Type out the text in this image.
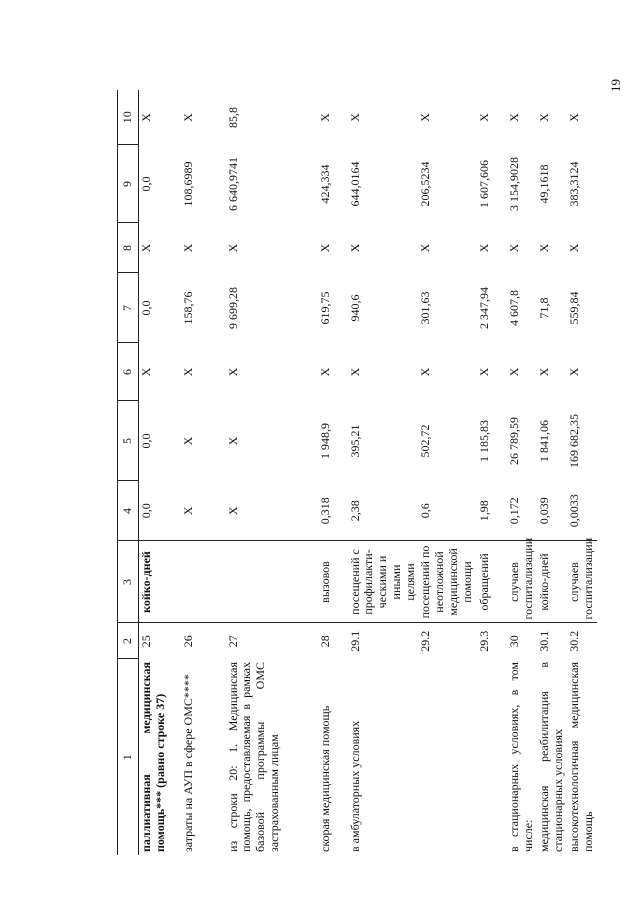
19
1	2	3	4	5	6	7	8	9	10
паллиативная медицинская помощь*** (равно строке 37)	25	койко-дней	0,0	0,0	X	0,0	X	0,0	X
затраты на АУП в сфере ОМС****	26		X	X	X	158,76	X	108,6989	X
из строки 20: 1. Медицинская помощь, предоставляемая в рамках базовой программы ОМС застрахованным лицам	27		X	X	X	9 699,28	X	6 640,9741	85,8
скорая медицинская помощь	28	вызовов	0,318	1 948,9	X	619,75	X	424,334	X
в амбулаторных условиях	29.1	посещений с профилакти-ческими и иными целями	2,38	395,21	X	940,6	X	644,0164	X
	29.2	посещений по неотложной медицинской помощи	0,6	502,72	X	301,63	X	206,5234	X
	29.3	обращений	1,98	1 185,83	X	2 347,94	X	1 607,606	X
в стационарных условиях, в том числе:	30	случаев госпитализации	0,172	26 789,59	X	4 607,8	X	3 154,9028	X
медицинская реабилитация в стационарных условиях	30.1	койко-дней	0,039	1 841,06	X	71,8	X	49,1618	X
высокотехнологичная медицинская помощь	30.2	случаев госпитализации	0,0033	169 682,35	X	559,84	X	383,3124	X
